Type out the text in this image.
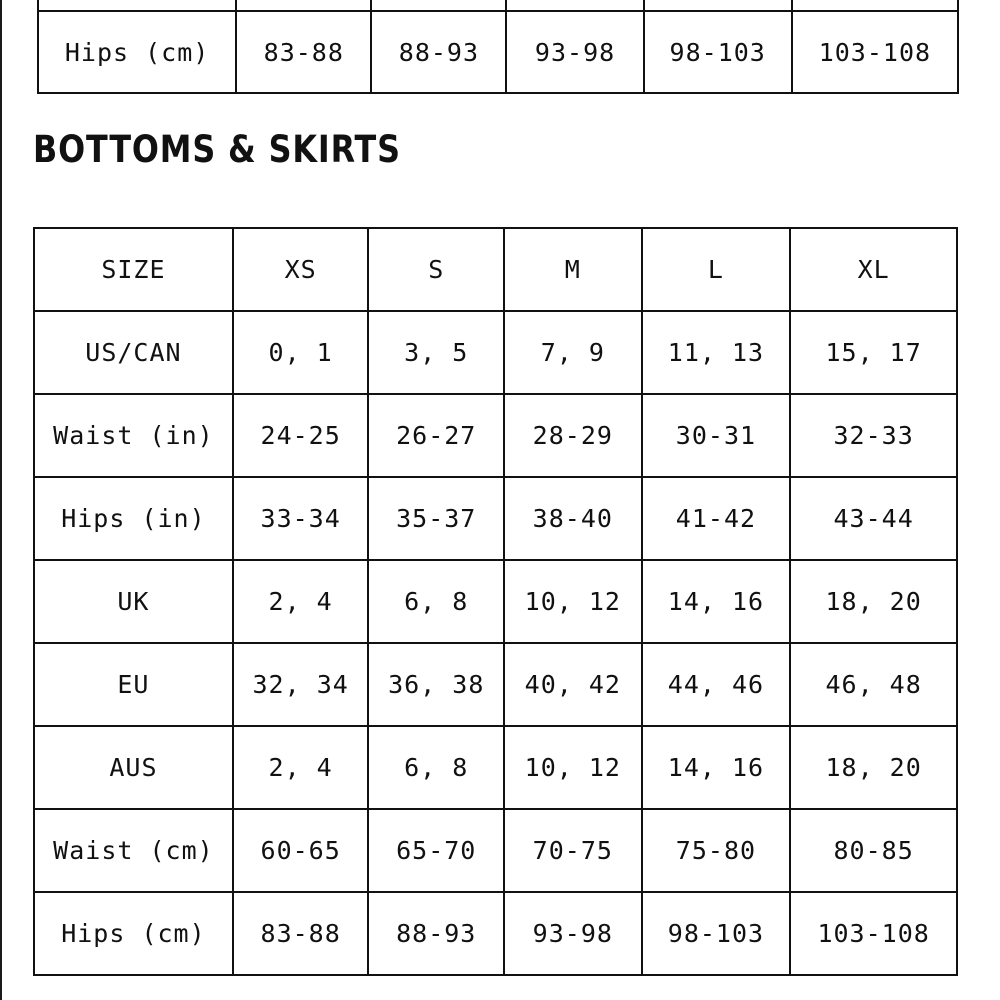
Hips (cm)	83-88	88-93	93-98	98-103	103-108
BOTTOMS & SKIRTS
SIZE	XS	S	M	L	XL
US/CAN	0, 1	3, 5	7, 9	11, 13	15, 17
Waist (in)	24-25	26-27	28-29	30-31	32-33
Hips (in)	33-34	35-37	38-40	41-42	43-44
UK	2, 4	6, 8	10, 12	14, 16	18, 20
EU	32, 34	36, 38	40, 42	44, 46	46, 48
AUS	2, 4	6, 8	10, 12	14, 16	18, 20
Waist (cm)	60-65	65-70	70-75	75-80	80-85
Hips (cm)	83-88	88-93	93-98	98-103	103-108
